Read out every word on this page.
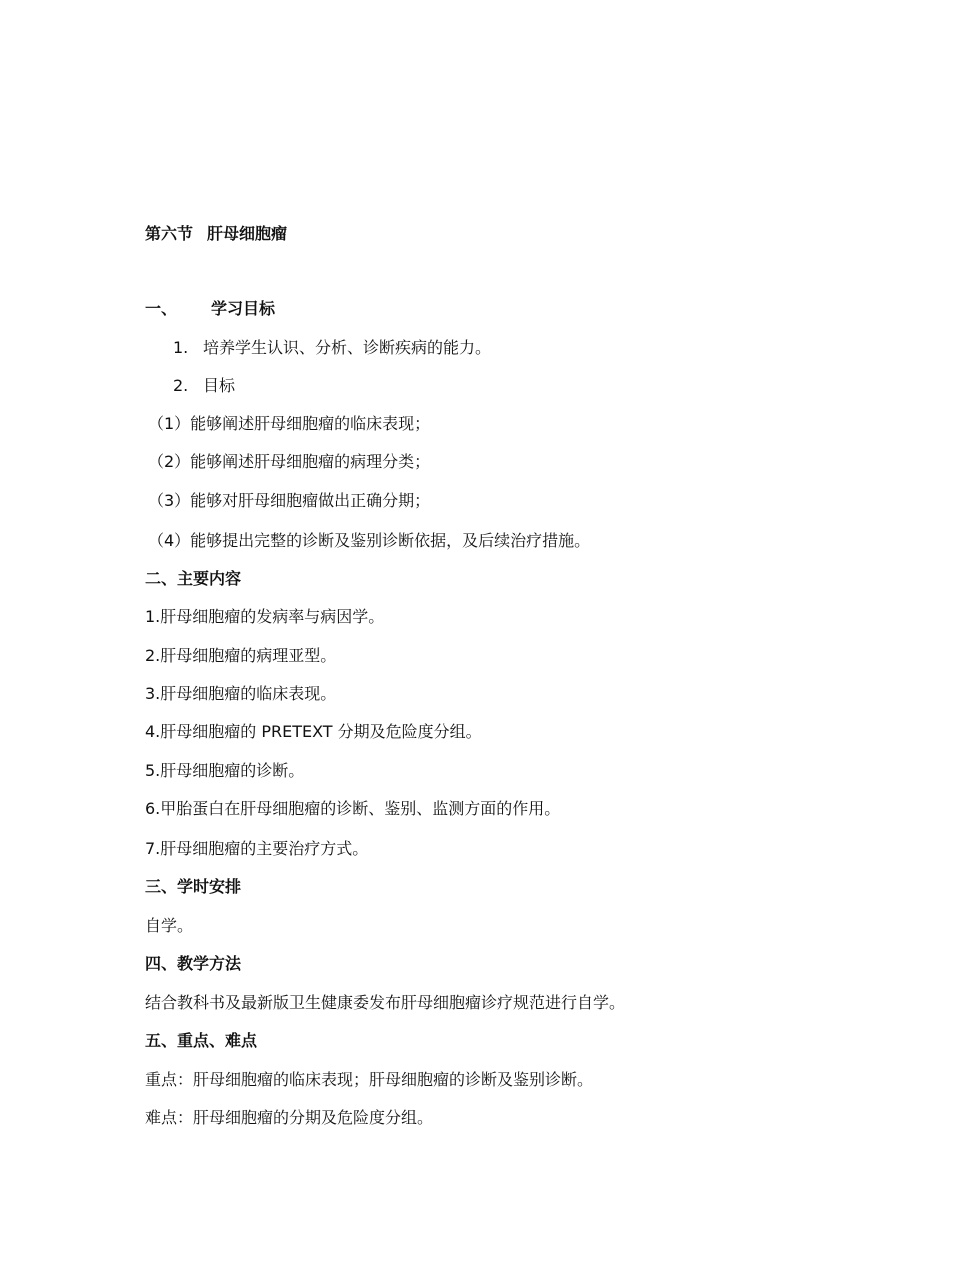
第六节 肝母细胞瘤
一、 学习目标
1. 培养学生认识、分析、诊断疾病的能力。
2. 目标
（1）能够阐述肝母细胞瘤的临床表现；
（2）能够阐述肝母细胞瘤的病理分类；
（3）能够对肝母细胞瘤做出正确分期；
（4）能够提出完整的诊断及鉴别诊断依据，及后续治疗措施。
二、主要内容
1.肝母细胞瘤的发病率与病因学。
2.肝母细胞瘤的病理亚型。
3.肝母细胞瘤的临床表现。
4.肝母细胞瘤的 PRETEXT 分期及危险度分组。
5.肝母细胞瘤的诊断。
6.甲胎蛋白在肝母细胞瘤的诊断、鉴别、监测方面的作用。
7.肝母细胞瘤的主要治疗方式。
三、学时安排
自学。
四、教学方法
结合教科书及最新版卫生健康委发布肝母细胞瘤诊疗规范进行自学。
五、重点、难点
重点：肝母细胞瘤的临床表现；肝母细胞瘤的诊断及鉴别诊断。
难点：肝母细胞瘤的分期及危险度分组。
